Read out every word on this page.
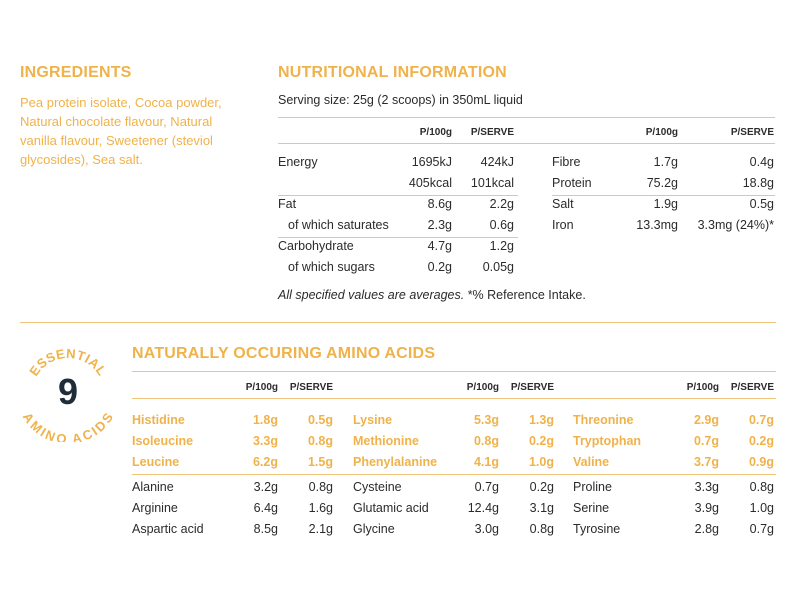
INGREDIENTS
Pea protein isolate, Cocoa powder,
Natural chocolate flavour, Natural
vanilla flavour, Sweetener (steviol
glycosides), Sea salt.
NUTRITIONAL INFORMATION
Serving size: 25g (2 scoops) in 350mL liquid
P/100g	P/SERVE	P/100g	P/SERVE
Energy	1695kJ	424kJ
405kcal	101kcal
Fat	8.6g	2.2g
of which saturates	2.3g	0.6g
Carbohydrate	4.7g	1.2g
of which sugars	0.2g	0.05g
Fibre	1.7g	0.4g
Protein	75.2g	18.8g
Salt	1.9g	0.5g
Iron	13.3mg	3.3mg (24%)*
All specified values are averages. *% Reference Intake.
ESSENTIAL
AMINO ACIDS
9
NATURALLY OCCURING AMINO ACIDS
P/100g	P/SERVE
Histidine	1.8g	0.5g
Isoleucine	3.3g	0.8g
Leucine	6.2g	1.5g
Alanine	3.2g	0.8g
Arginine	6.4g	1.6g
Aspartic acid	8.5g	2.1g
P/100g	P/SERVE
Lysine	5.3g	1.3g
Methionine	0.8g	0.2g
Phenylalanine	4.1g	1.0g
Cysteine	0.7g	0.2g
Glutamic acid	12.4g	3.1g
Glycine	3.0g	0.8g
P/100g	P/SERVE
Threonine	2.9g	0.7g
Tryptophan	0.7g	0.2g
Valine	3.7g	0.9g
Proline	3.3g	0.8g
Serine	3.9g	1.0g
Tyrosine	2.8g	0.7g
